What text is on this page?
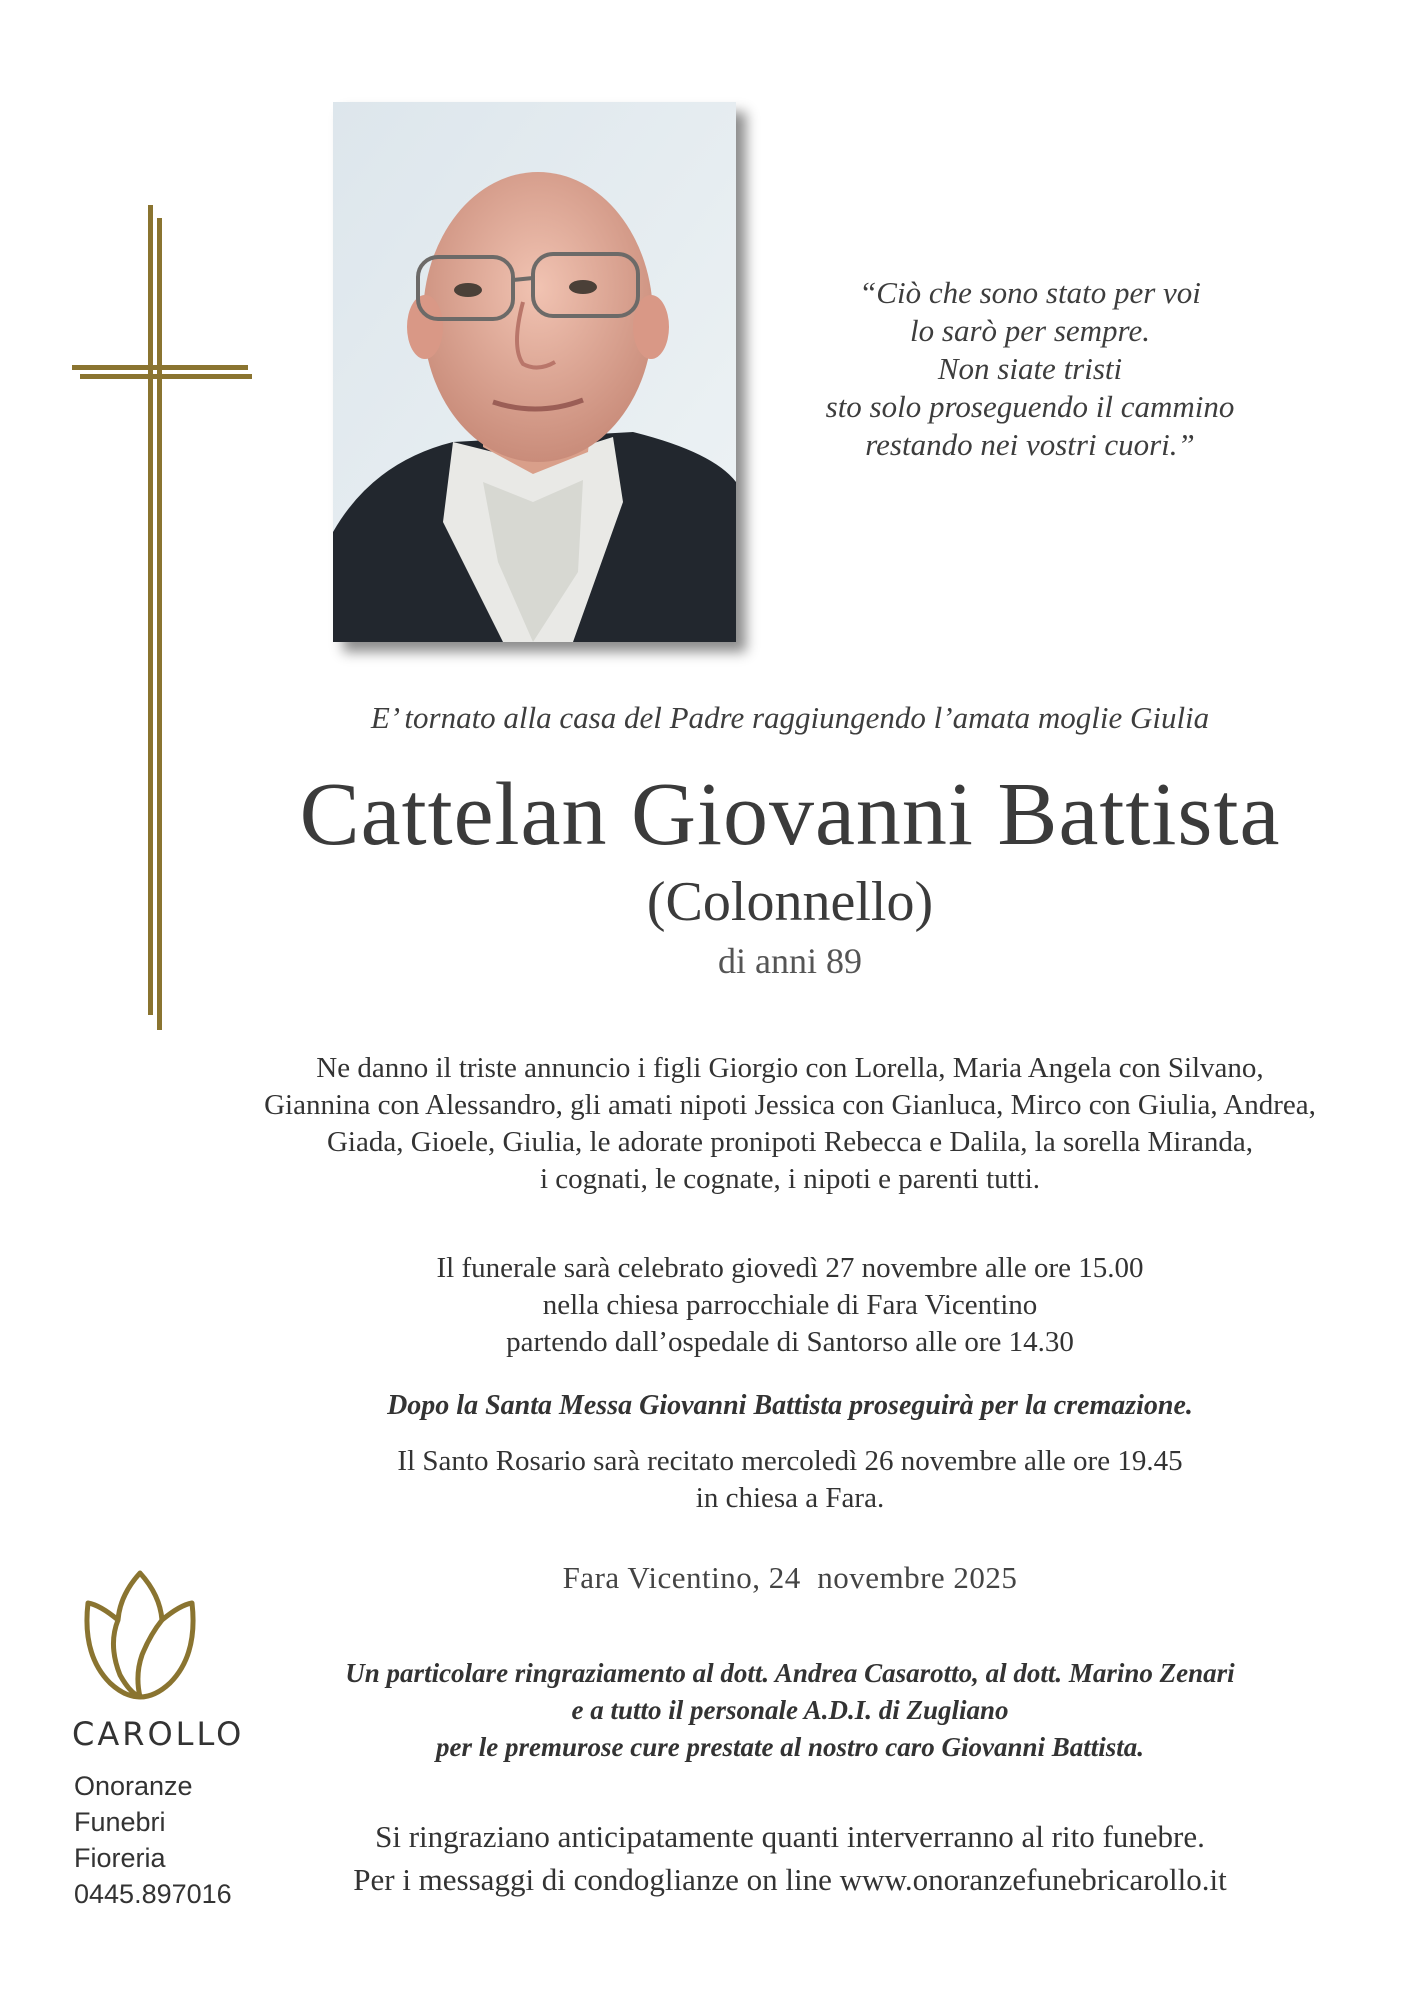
“Ciò che sono stato per voi
lo sarò per sempre.
Non siate tristi
sto solo proseguendo il cammino
restando nei vostri cuori.”
E’ tornato alla casa del Padre raggiungendo l’amata moglie Giulia
Cattelan Giovanni Battista
(Colonnello)
di anni 89
Ne danno il triste annuncio i figli Giorgio con Lorella, Maria Angela con Silvano,
Giannina con Alessandro, gli amati nipoti Jessica con Gianluca, Mirco con Giulia, Andrea,
Giada, Gioele, Giulia, le adorate pronipoti Rebecca e Dalila, la sorella Miranda,
i cognati, le cognate, i nipoti e parenti tutti.
Il funerale sarà celebrato giovedì 27 novembre alle ore 15.00
nella chiesa parrocchiale di Fara Vicentino
partendo dall’ospedale di Santorso alle ore 14.30
Dopo la Santa Messa Giovanni Battista proseguirà per la cremazione.
Il Santo Rosario sarà recitato mercoledì 26 novembre alle ore 19.45
in chiesa a Fara.
Fara Vicentino, 24  novembre 2025
Un particolare ringraziamento al dott. Andrea Casarotto, al dott. Marino Zenari
e a tutto il personale A.D.I. di Zugliano
per le premurose cure prestate al nostro caro Giovanni Battista.
Si ringraziano anticipatamente quanti interverranno al rito funebre.
Per i messaggi di condoglianze on line www.onoranzefunebricarollo.it
CAROLLO
Onoranze
Funebri
Fioreria
0445.897016
